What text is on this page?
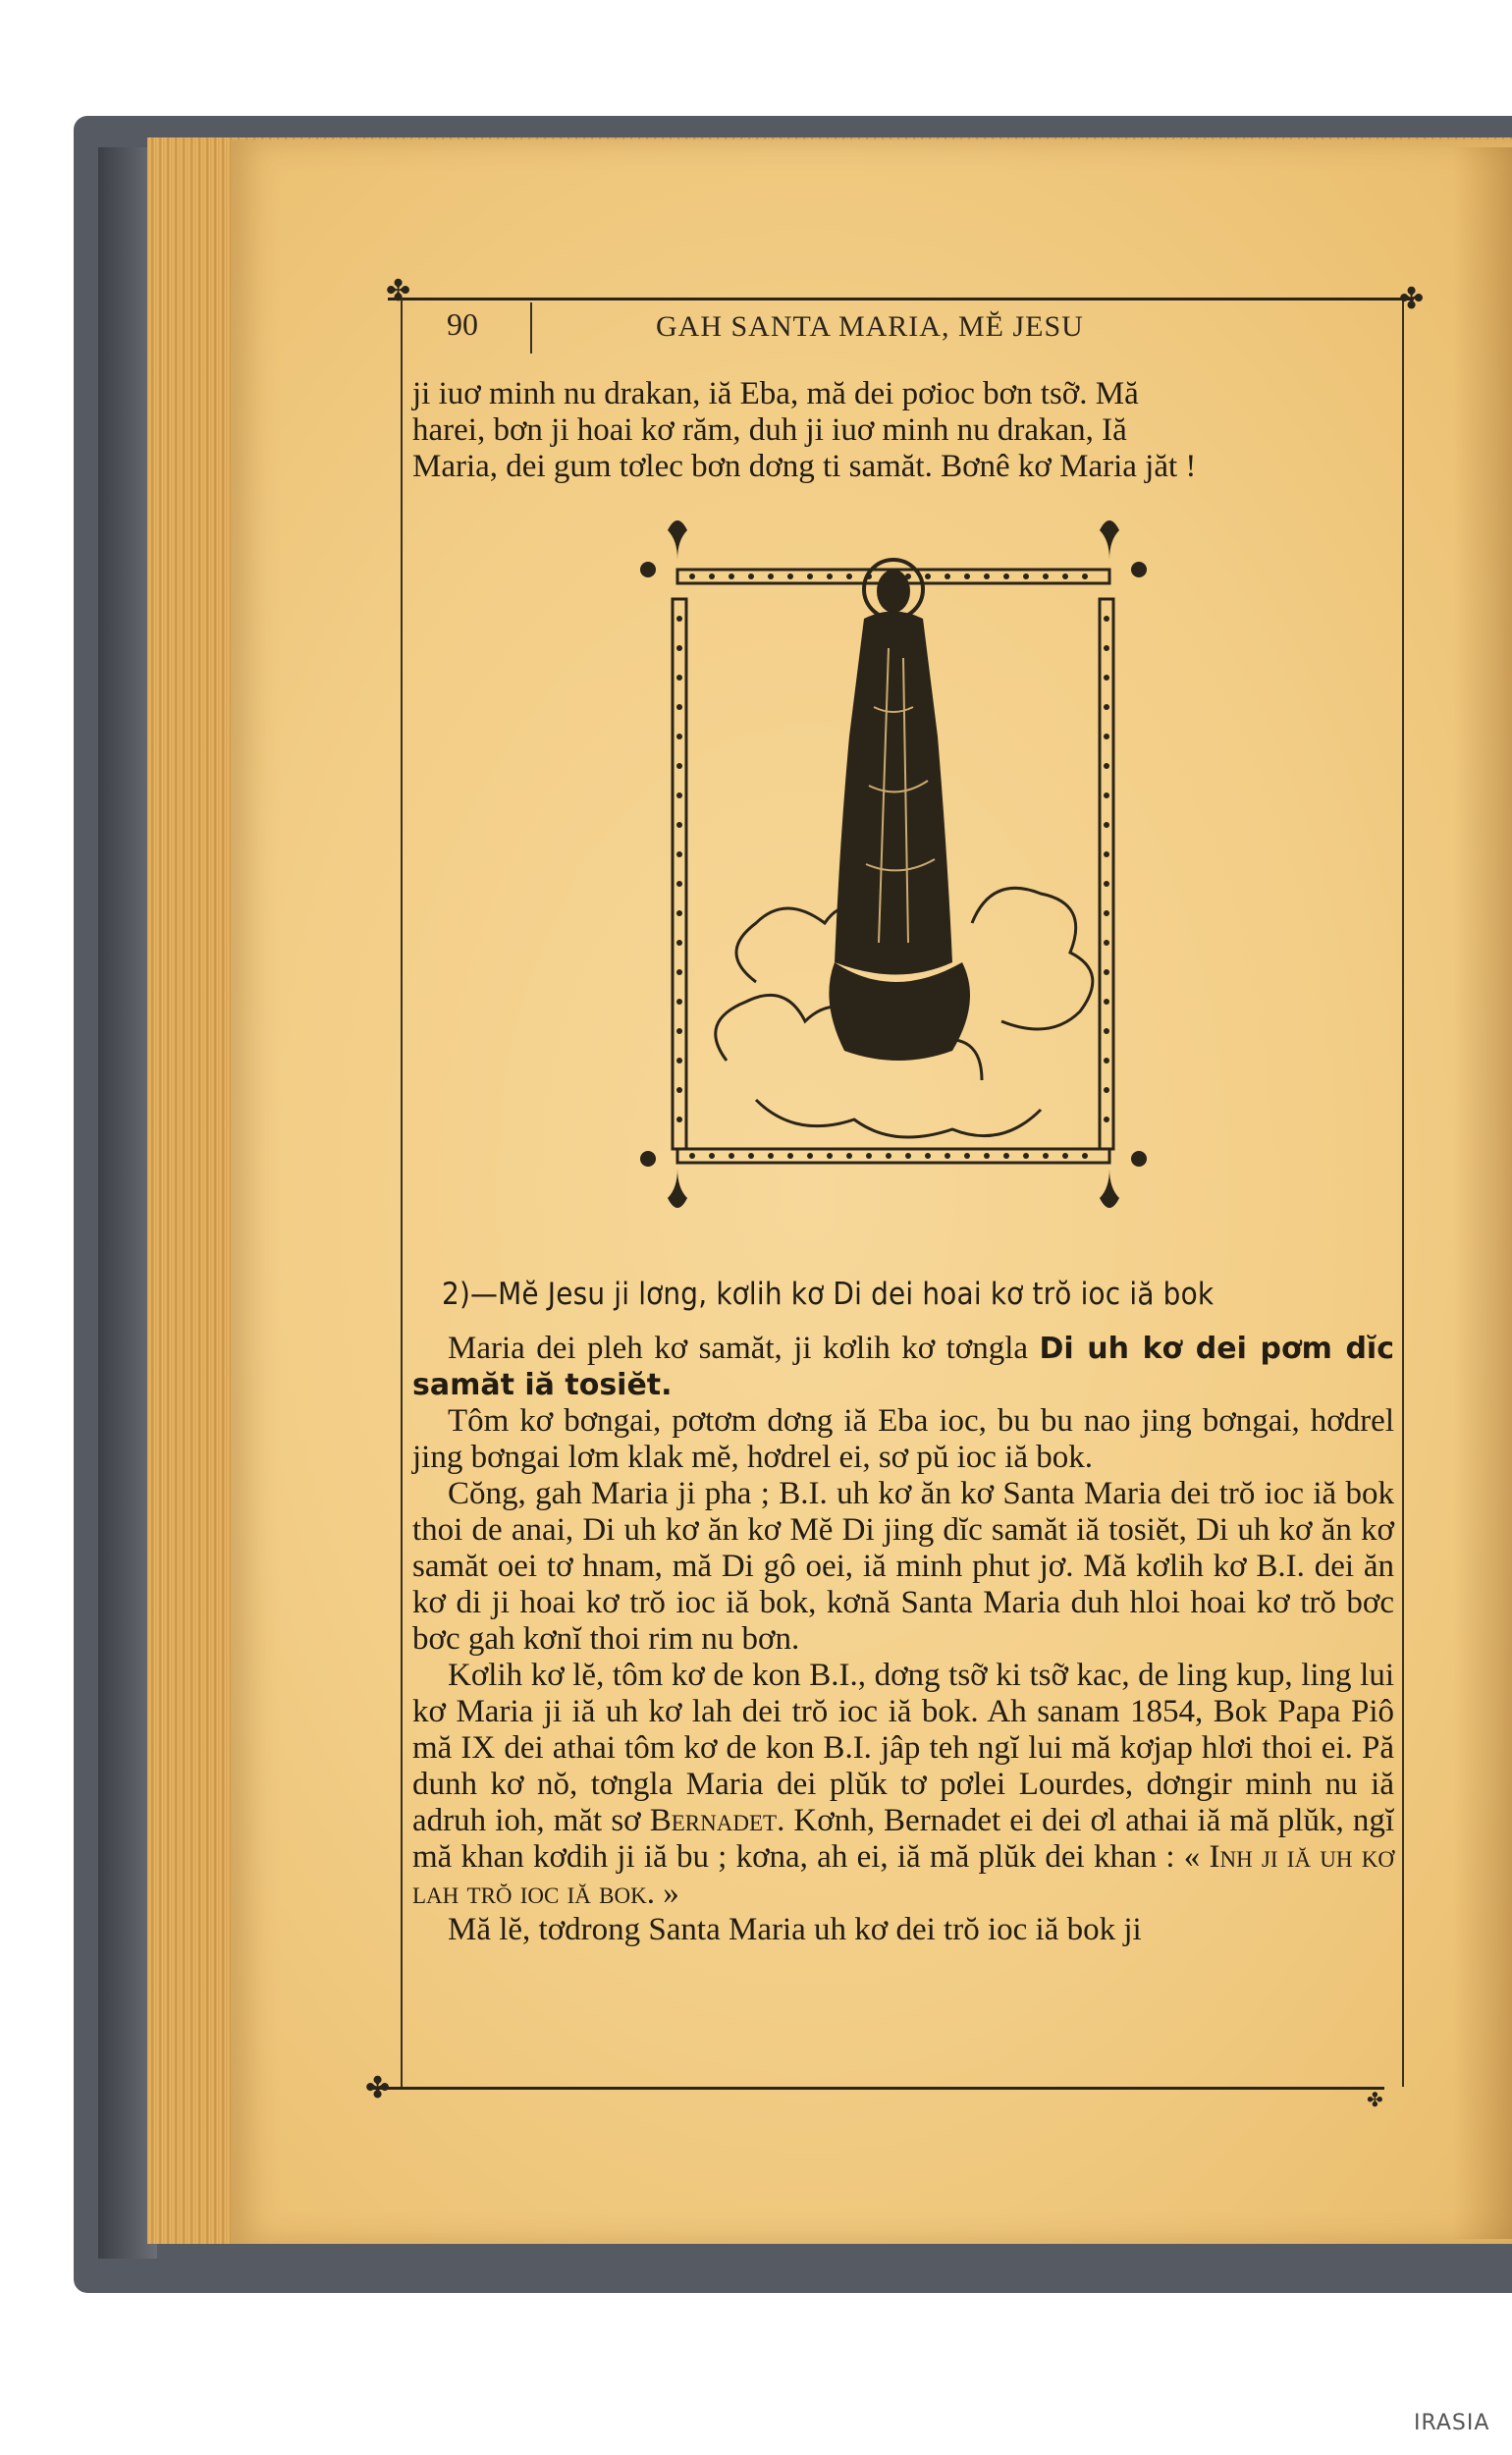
✤	✤
✤	✤
90	GAH SANTA MARIA, MĔ JESU

ji iuơ minh nu drakan, iă Eba, mă dei pơioc bơn tsỡ. Mă

harei, bơn ji hoai kơ răm, duh ji iuơ minh nu drakan, Iă

Maria, dei gum tơlec bơn dơng ti samăt. Bơnê kơ Maria jăt !

2)—Mĕ Jesu ji lơng, kơlih kơ Di dei hoai kơ trŏ ioc iă bok

Maria dei pleh kơ samăt, ji kơlih kơ tơngla Di uh kơ dei pơm dĭc samăt iă tosiĕt.

Tôm kơ bơngai, pơtơm dơng iă Eba ioc, bu bu nao jing bơngai, hơdrel jing bơngai lơm klak mĕ, hơdrel ei, sơ pŭ ioc iă bok.

Cŏng, gah Maria ji pha ; B.I. uh kơ ăn kơ Santa Maria dei trŏ ioc iă bok thoi de anai, Di uh kơ ăn kơ Mĕ Di jing dĭc samăt iă tosiĕt, Di uh kơ ăn kơ samăt oei tơ hnam, mă Di gô oei, iă minh phut jơ. Mă kơlih kơ B.I. dei ăn kơ di ji hoai kơ trŏ ioc iă bok, kơnă Santa Maria duh hloi hoai kơ trŏ bơc bơc gah kơnĭ thoi rim nu bơn.

Kơlih kơ lĕ, tôm kơ de kon B.I., dơng tsỡ ki tsỡ kac, de ling kup, ling lui kơ Maria ji iă uh kơ lah dei trŏ ioc iă bok. Ah sanam 1854, Bok Papa Piô mă IX dei athai tôm kơ de kon B.I. jâp teh ngĭ lui mă kơjap hlơi thoi ei. Pă dunh kơ nŏ, tơngla Maria dei plŭk tơ pơlei Lourdes, dơngir minh nu iă adruh ioh, măt sơ Bernadet. Kơnh, Bernadet ei dei ơl athai iă mă plŭk, ngĭ mă khan kơdih ji iă bu ; kơna, ah ei, iă mă plŭk dei khan : « Inh ji iă uh kơ lah trŏ ioc iă bok. »

Mă lĕ, tơdrong Santa Maria uh kơ dei trŏ ioc iă bok ji

IRASIA
